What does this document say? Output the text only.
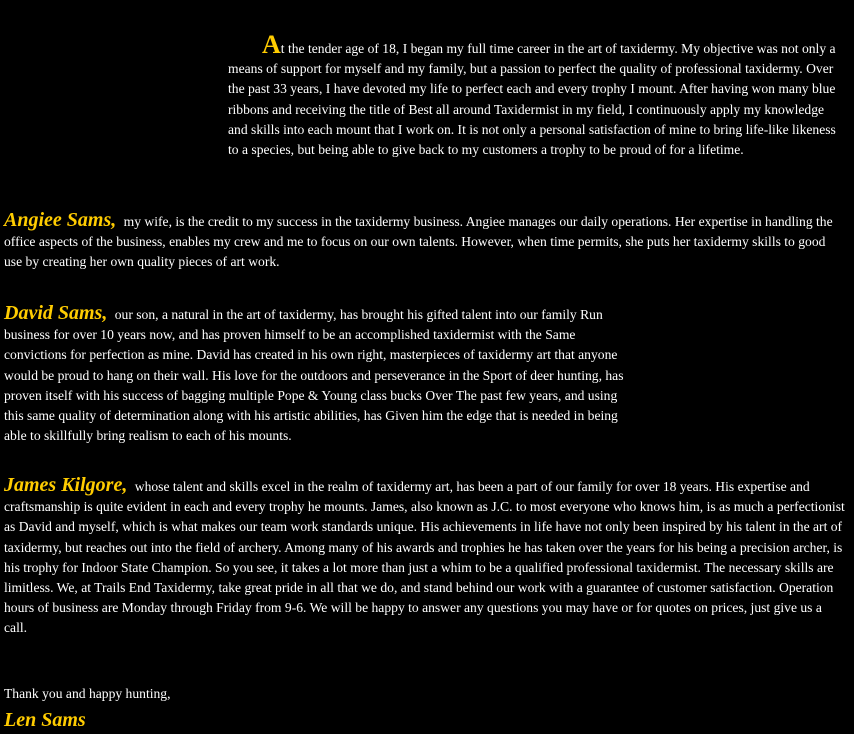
At the tender age of 18, I began my full time career in the art of taxidermy. My objective was not only a means of support for myself and my family, but a passion to perfect the quality of professional taxidermy. Over the past 33 years, I have devoted my life to perfect each and every trophy I mount. After having won many blue ribbons and receiving the title of Best all around Taxidermist in my field, I continuously apply my knowledge and skills into each mount that I work on. It is not only a personal satisfaction of mine to bring life-like likeness to a species, but being able to give back to my customers a trophy to be proud of for a lifetime.

Angiee Sams, my wife, is the credit to my success in the taxidermy business. Angiee manages our daily operations. Her expertise in handling the office aspects of the business, enables my crew and me to focus on our own talents. However, when time permits, she puts her taxidermy skills to good use by creating her own quality pieces of art work.

David Sams, our son, a natural in the art of taxidermy, has brought his gifted talent into our family Run business for over 10 years now, and has proven himself to be an accomplished taxidermist with the Same convictions for perfection as mine. David has created in his own right, masterpieces of taxidermy art that anyone would be proud to hang on their wall. His love for the outdoors and perseverance in the Sport of deer hunting, has proven itself with his success of bagging multiple Pope & Young class bucks Over The past few years, and using this same quality of determination along with his artistic abilities, has Given him the edge that is needed in being able to skillfully bring realism to each of his mounts.

James Kilgore, whose talent and skills excel in the realm of taxidermy art, has been a part of our family for over 18 years. His expertise and craftsmanship is quite evident in each and every trophy he mounts. James, also known as J.C. to most everyone who knows him, is as much a perfectionist as David and myself, which is what makes our team work standards unique. His achievements in life have not only been inspired by his talent in the art of taxidermy, but reaches out into the field of archery. Among many of his awards and trophies he has taken over the years for his being a precision archer, is his trophy for Indoor State Champion. So you see, it takes a lot more than just a whim to be a qualified professional taxidermist. The necessary skills are limitless. We, at Trails End Taxidermy, take great pride in all that we do, and stand behind our work with a guarantee of customer satisfaction. Operation hours of business are Monday through Friday from 9-6. We will be happy to answer any questions you may have or for quotes on prices, just give us a call.

Thank you and happy hunting,

Len Sams
